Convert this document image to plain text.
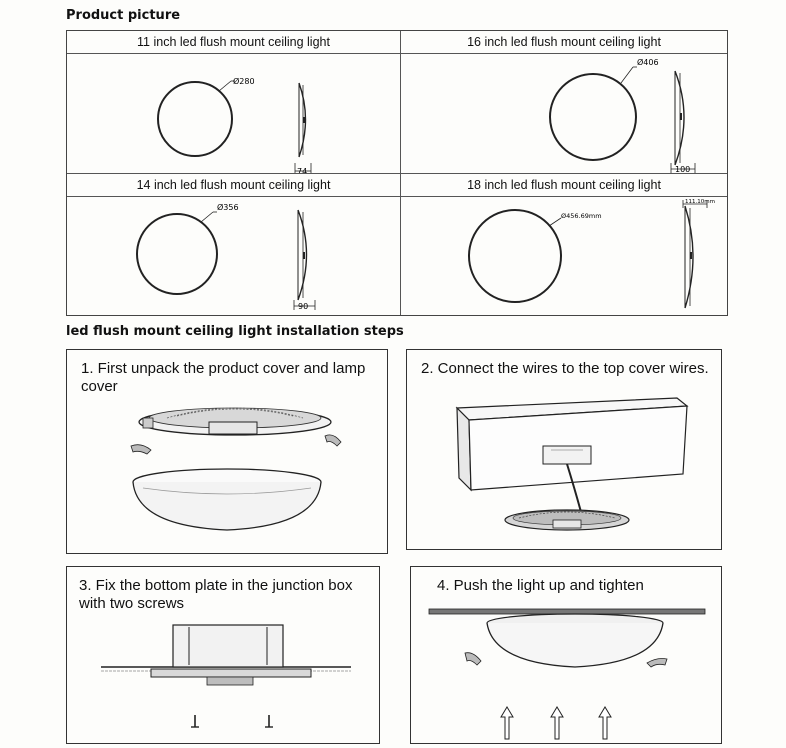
Product picture
11 inch led flush mount ceiling light
Ø280
74
16 inch led flush mount ceiling light
Ø406
100
14 inch led flush mount ceiling light
Ø356
90
18 inch led flush mount ceiling light
Ø456.69mm
111.10mm
led flush mount ceiling light installation steps
1. First unpack the product cover and lamp cover
2. Connect the wires to the top cover wires.
3. Fix the bottom plate in the junction box with two screws
4. Push the light up and tighten
